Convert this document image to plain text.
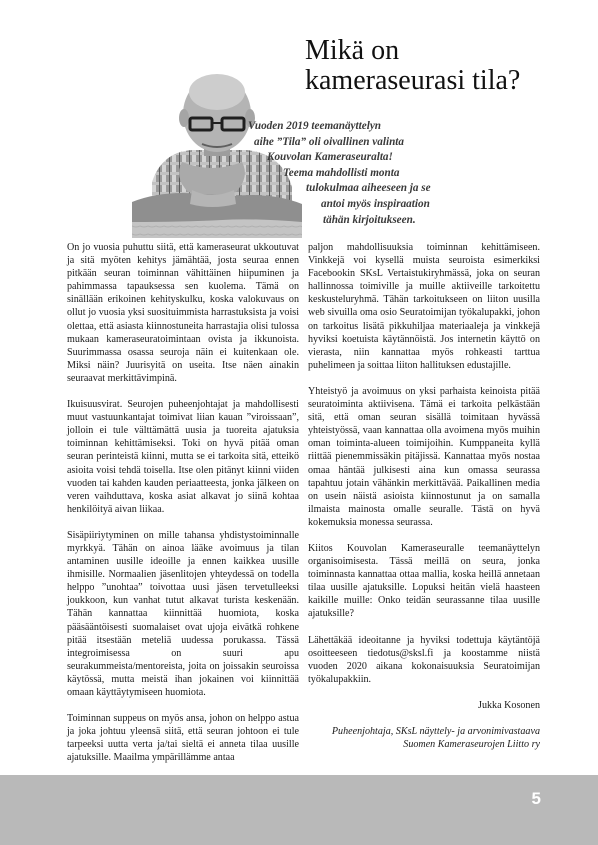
Mikä on
kameraseurasi tila?
Vuoden 2019 teemanäyttelyn
aihe ”Tila” oli oivallinen valinta
Kouvolan Kameraseuralta!
Teema mahdollisti monta
tulokulmaa aiheeseen ja se
antoi myös inspiraation
tähän kirjoitukseen.

On jo vuosia puhuttu siitä, että kameraseurat ukkoutuvat ja sitä myöten kehitys jämähtää, josta seuraa ennen pitkään seuran toiminnan vähittäinen hiipuminen ja pahimmassa tapauksessa sen kuolema. Tämä on sinällään erikoinen kehityskulku, koska valokuvaus on ollut jo vuosia yksi suosituimmista harrastuksista ja voisi olettaa, että asiasta kiinnostuneita harrastajia olisi tulossa mukaan kameraseuratoimintaan ovista ja ikkunoista. Suurimmassa osassa seuroja näin ei kuitenkaan ole. Miksi näin? Juurisyitä on useita. Itse näen ainakin seuraavat merkittävimpinä.

Ikuisuusvirat. Seurojen puheenjohtajat ja mahdollisesti muut vastuunkantajat toimivat liian kauan ”viroissaan”, jolloin ei tule välttämättä uusia ja tuoreita ajatuksia toiminnan kehittämiseksi. Toki on hyvä pitää oman seuran perinteistä kiinni, mutta se ei tarkoita sitä, etteikö asioita voisi tehdä toisella. Itse olen pitänyt kiinni viiden vuoden tai kahden kauden periaatteesta, jonka jälkeen on veren vaihduttava, koska asiat alkavat jo siinä kohtaa henkilöityä aivan liikaa.

Sisäpiiriytyminen on mille tahansa yhdistystoiminnalle myrkkyä. Tähän on ainoa lääke avoimuus ja tilan antaminen uusille ideoille ja ennen kaikkea uusille ihmisille. Normaalien jäsenlitojen yhteydessä on todella helppo ”unohtaa” toivottaa uusi jäsen tervetulleeksi joukkoon, kun vanhat tutut alkavat turista keskenään. Tähän kannattaa kiinnittää huomiota, koska pääsääntöisesti suomalaiset ovat ujoja eivätkä rohkene pitää itsestään meteliä uudessa porukassa. Tässä integroimisessa on suuri apu seurakummeista/mentoreista, joita on joissakin seuroissa käytössä, mutta meistä ihan jokainen voi kiinnittää omaan käyttäytymiseen huomiota.

Toiminnan suppeus on myös ansa, johon on helppo astua ja joka johtuu yleensä siitä, että seuran johtoon ei tule tarpeeksi uutta verta ja/tai sieltä ei anneta tilaa uusille ajatuksille. Maailma ympärillämme antaa

paljon mahdollisuuksia toiminnan kehittämiseen. Vinkkejä voi kysellä muista seuroista esimerkiksi Facebookin SKsL Vertaistukiryhmässä, joka on seuran hallinnossa toimiville ja muille aktiiveille tarkoitettu keskusteluryhmä. Tähän tarkoitukseen on liiton uusilla web sivuilla oma osio Seuratoimijan työkalupakki, johon on tarkoitus lisätä pikkuhiljaa materiaaleja ja vinkkejä hyviksi koetuista käytännöistä. Jos internetin käyttö on vierasta, niin kannattaa myös rohkeasti tarttua puhelimeen ja soittaa liiton hallituksen edustajille.

Yhteistyö ja avoimuus on yksi parhaista keinoista pitää seuratoiminta aktiivisena. Tämä ei tarkoita pelkästään sitä, että oman seuran sisällä toimitaan hyvässä yhteistyössä, vaan kannattaa olla avoimena myös muihin oman toiminta-alueen toimijoihin. Kumppaneita kyllä riittää pienemmissäkin pitäjissä. Kannattaa myös nostaa omaa häntää julkisesti aina kun omassa seurassa tapahtuu jotain vähänkin merkittävää. Paikallinen media on usein näistä asioista kiinnostunut ja on samalla ilmaista mainosta omalle seuralle. Tästä on hyvä kokemuksia monessa seurassa.

Kiitos Kouvolan Kameraseuralle teemanäyttelyn organisoimisesta. Tässä meillä on seura, jonka toiminnasta kannattaa ottaa mallia, koska heillä annetaan tilaa uusille ajatuksille. Lopuksi heitän vielä haasteen kaikille muille: Onko teidän seurassanne tilaa uusille ajatuksille?

Lähettäkää ideoitanne ja hyviksi todettuja käytäntöjä osoitteeseen tiedotus@sksl.fi ja koostamme niistä vuoden 2020 aikana kokonaisuuksia Seuratoimijan työkalupakkiin.

Jukka Kosonen

Puheenjohtaja, SKsL näyttely- ja arvonimivastaava
Suomen Kameraseurojen Liitto ry

5
